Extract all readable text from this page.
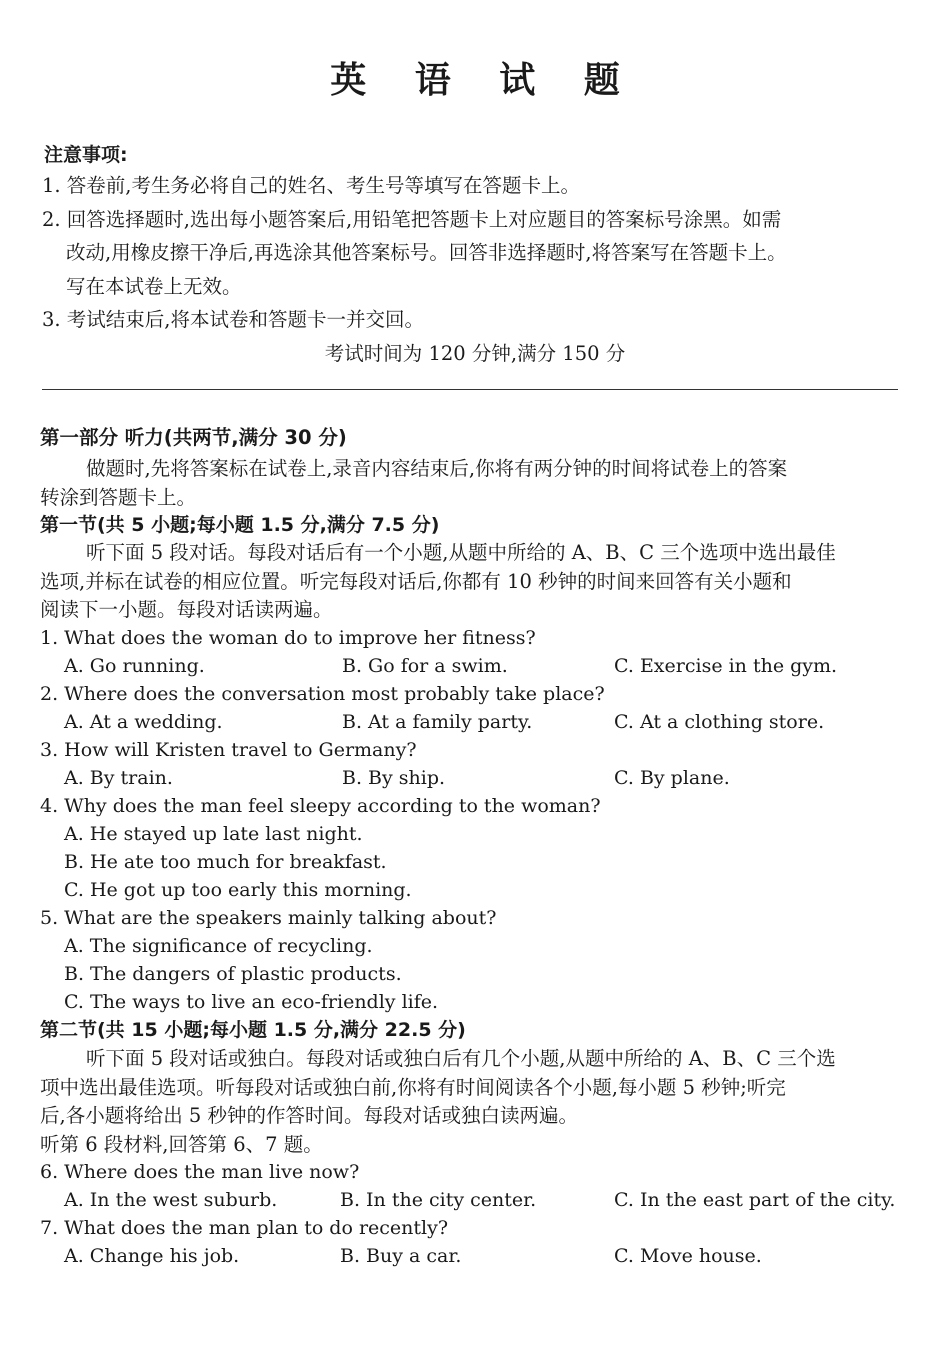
英 语 试 题
注意事项:
1. 答卷前,考生务必将自己的姓名、考生号等填写在答题卡上。
2. 回答选择题时,选出每小题答案后,用铅笔把答题卡上对应题目的答案标号涂黑。如需
改动,用橡皮擦干净后,再选涂其他答案标号。回答非选择题时,将答案写在答题卡上。
写在本试卷上无效。
3. 考试结束后,将本试卷和答题卡一并交回。
考试时间为 120 分钟,满分 150 分
第一部分 听力(共两节,满分 30 分)
做题时,先将答案标在试卷上,录音内容结束后,你将有两分钟的时间将试卷上的答案
转涂到答题卡上。
第一节(共 5 小题;每小题 1.5 分,满分 7.5 分)
听下面 5 段对话。每段对话后有一个小题,从题中所给的 A、B、C 三个选项中选出最佳
选项,并标在试卷的相应位置。听完每段对话后,你都有 10 秒钟的时间来回答有关小题和
阅读下一小题。每段对话读两遍。
1. What does the woman do to improve her fitness?
A. Go running.	B. Go for a swim.	C. Exercise in the gym.
2. Where does the conversation most probably take place?
A. At a wedding.	B. At a family party.	C. At a clothing store.
3. How will Kristen travel to Germany?
A. By train.	B. By ship.	C. By plane.
4. Why does the man feel sleepy according to the woman?
A. He stayed up late last night.
B. He ate too much for breakfast.
C. He got up too early this morning.
5. What are the speakers mainly talking about?
A. The significance of recycling.
B. The dangers of plastic products.
C. The ways to live an eco-friendly life.
第二节(共 15 小题;每小题 1.5 分,满分 22.5 分)
听下面 5 段对话或独白。每段对话或独白后有几个小题,从题中所给的 A、B、C 三个选
项中选出最佳选项。听每段对话或独白前,你将有时间阅读各个小题,每小题 5 秒钟;听完
后,各小题将给出 5 秒钟的作答时间。每段对话或独白读两遍。
听第 6 段材料,回答第 6、7 题。
6. Where does the man live now?
A. In the west suburb.	B. In the city center.	C. In the east part of the city.
7. What does the man plan to do recently?
A. Change his job.	B. Buy a car.	C. Move house.
